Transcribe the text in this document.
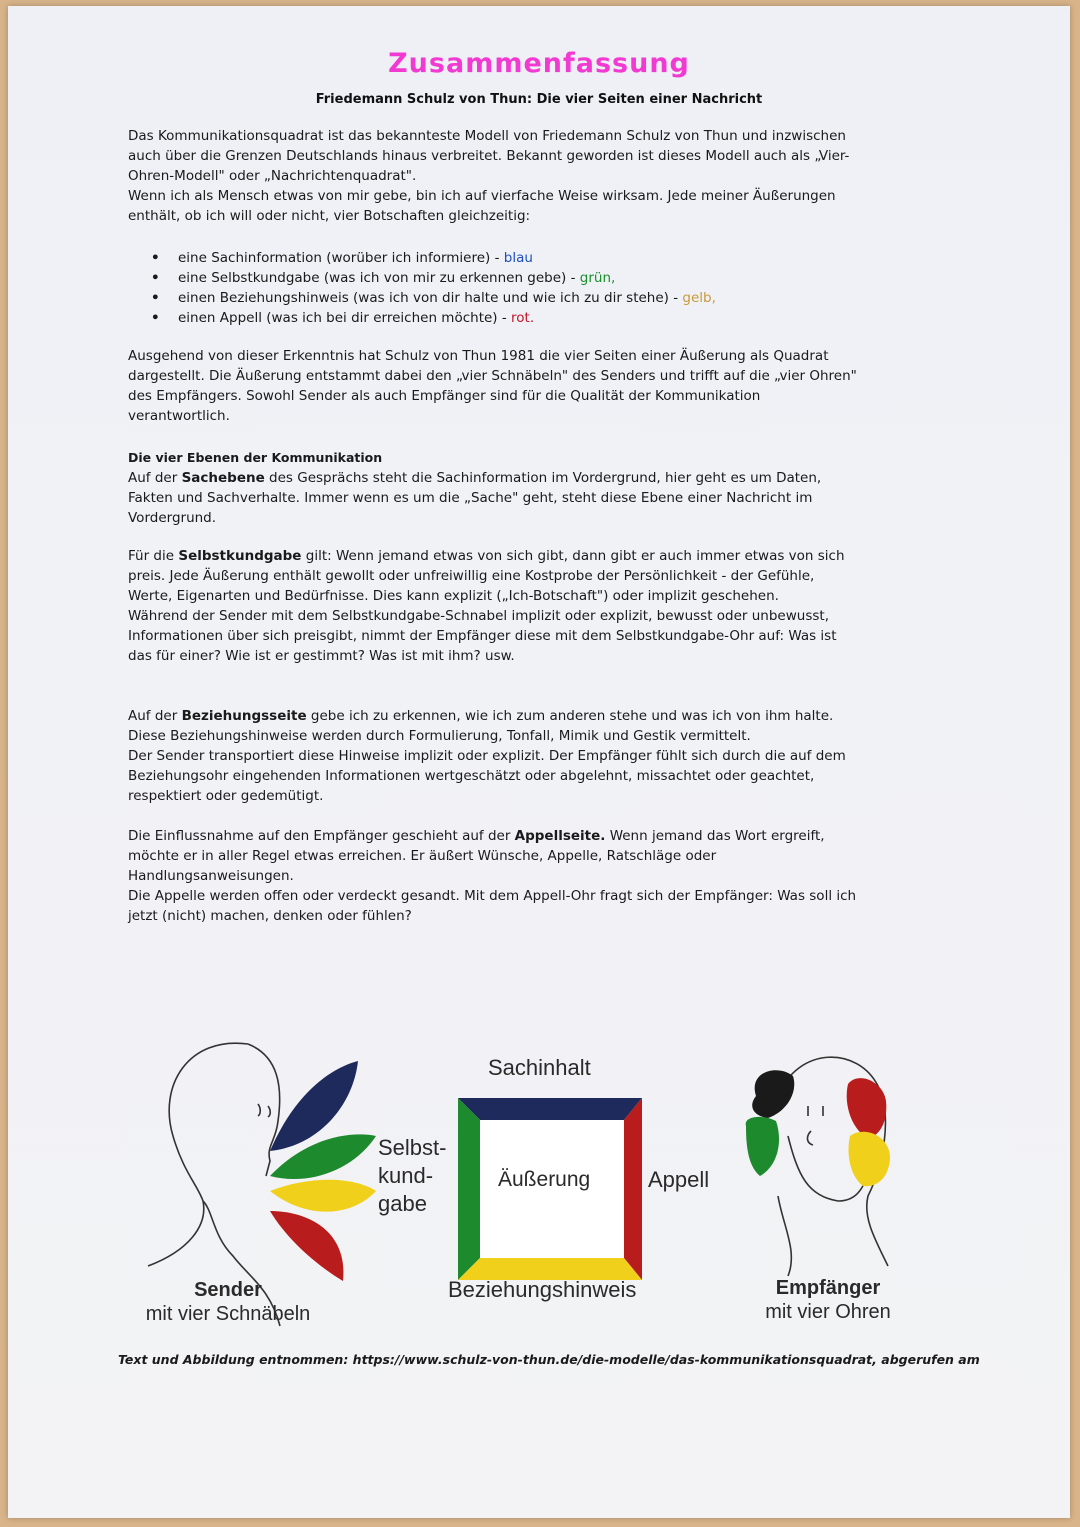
Zusammenfassung
Friedemann Schulz von Thun: Die vier Seiten einer Nachricht

Das Kommunikationsquadrat ist das bekannteste Modell von Friedemann Schulz von Thun und inzwischen auch über die Grenzen Deutschlands hinaus verbreitet. Bekannt geworden ist dieses Modell auch als „Vier-Ohren-Modell" oder „Nachrichtenquadrat".

Wenn ich als Mensch etwas von mir gebe, bin ich auf vierfache Weise wirksam. Jede meiner Äußerungen enthält, ob ich will oder nicht, vier Botschaften gleichzeitig:

• eine Sachinformation (worüber ich informiere) - blau
• eine Selbstkundgabe (was ich von mir zu erkennen gebe) - grün,
• einen Beziehungshinweis (was ich von dir halte und wie ich zu dir stehe) - gelb,
• einen Appell (was ich bei dir erreichen möchte) - rot.

Ausgehend von dieser Erkenntnis hat Schulz von Thun 1981 die vier Seiten einer Äußerung als Quadrat dargestellt. Die Äußerung entstammt dabei den „vier Schnäbeln" des Senders und trifft auf die „vier Ohren" des Empfängers. Sowohl Sender als auch Empfänger sind für die Qualität der Kommunikation verantwortlich.

Die vier Ebenen der Kommunikation

Auf der Sachebene des Gesprächs steht die Sachinformation im Vordergrund, hier geht es um Daten, Fakten und Sachverhalte. Immer wenn es um die „Sache" geht, steht diese Ebene einer Nachricht im Vordergrund.

Für die Selbstkundgabe gilt: Wenn jemand etwas von sich gibt, dann gibt er auch immer etwas von sich preis. Jede Äußerung enthält gewollt oder unfreiwillig eine Kostprobe der Persönlichkeit - der Gefühle, Werte, Eigenarten und Bedürfnisse. Dies kann explizit („Ich-Botschaft") oder implizit geschehen.

Während der Sender mit dem Selbstkundgabe-Schnabel implizit oder explizit, bewusst oder unbewusst, Informationen über sich preisgibt, nimmt der Empfänger diese mit dem Selbstkundgabe-Ohr auf: Was ist das für einer? Wie ist er gestimmt? Was ist mit ihm? usw.

Auf der Beziehungsseite gebe ich zu erkennen, wie ich zum anderen stehe und was ich von ihm halte. Diese Beziehungshinweise werden durch Formulierung, Tonfall, Mimik und Gestik vermittelt.

Der Sender transportiert diese Hinweise implizit oder explizit. Der Empfänger fühlt sich durch die auf dem Beziehungsohr eingehenden Informationen wertgeschätzt oder abgelehnt, missachtet oder geachtet, respektiert oder gedemütigt.

Die Einflussnahme auf den Empfänger geschieht auf der Appellseite. Wenn jemand das Wort ergreift, möchte er in aller Regel etwas erreichen. Er äußert Wünsche, Appelle, Ratschläge oder Handlungsanweisungen.

Die Appelle werden offen oder verdeckt gesandt. Mit dem Appell-Ohr fragt sich der Empfänger: Was soll ich jetzt (nicht) machen, denken oder fühlen?

Sachinhalt
Selbst-
kund-
gabe
Äußerung	Appell
Beziehungshinweis
Sender
mit vier Schnäbeln
Empfänger
mit vier Ohren
Text und Abbildung entnommen: https://www.schulz-von-thun.de/die-modelle/das-kommunikationsquadrat, abgerufen am
